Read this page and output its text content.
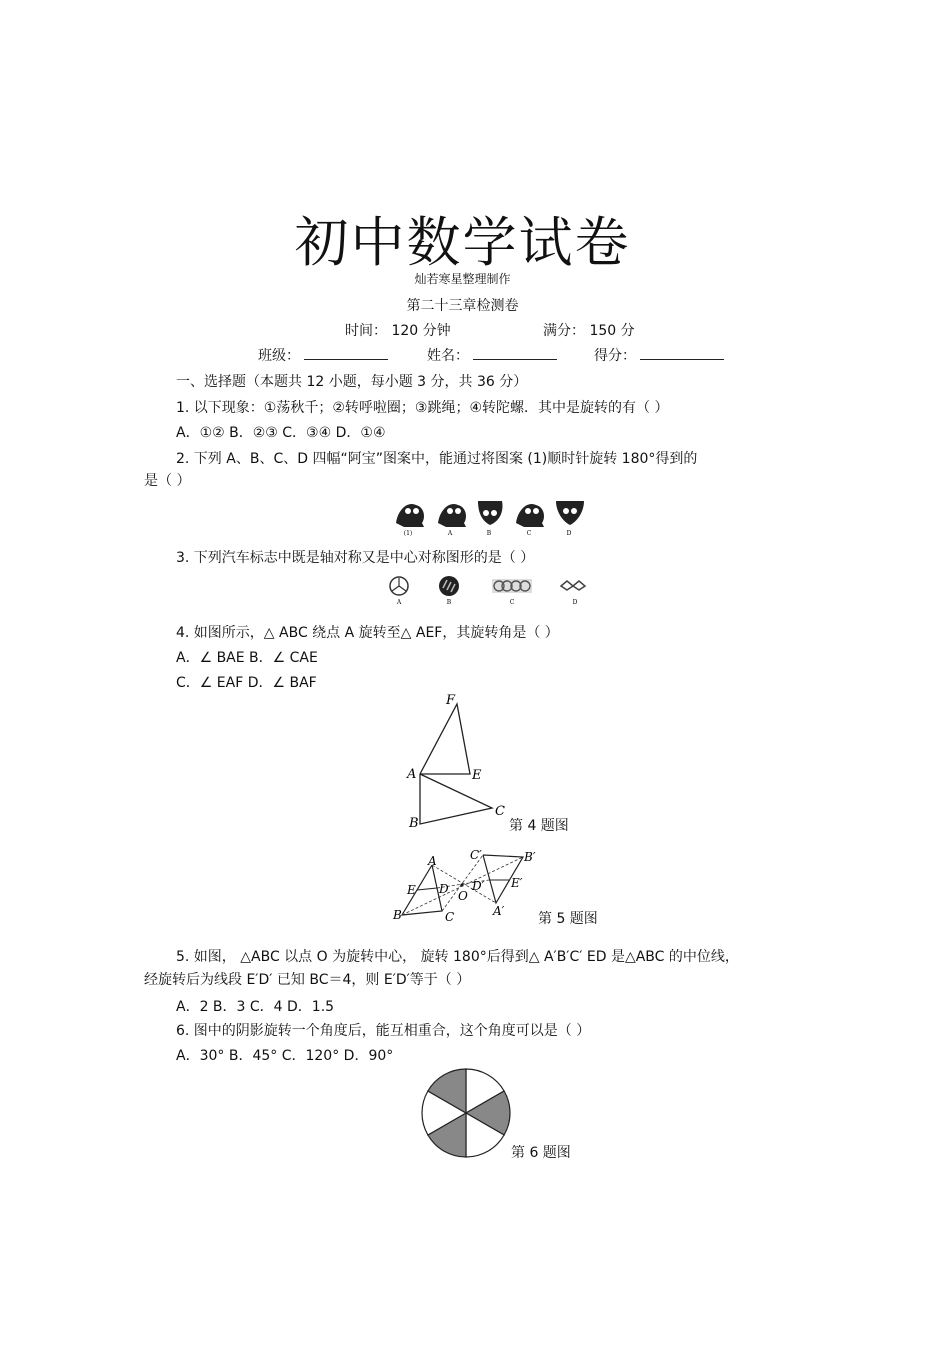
初中数学试卷
灿若寒星整理制作
第二十三章检测卷
时间： 120 分钟	满分： 150 分
班级：	姓名：	得分：
一、选择题（本题共 12 小题，每小题 3 分，共 36 分）
1. 以下现象：①荡秋千；②转呼啦圈；③跳绳；④转陀螺．其中是旋转的有（ ）
A．①② B．②③ C．③④ D．①④
2. 下列 A、B、C、D 四幅“阿宝”图案中，能通过将图案 (1)顺时针旋转 180°得到的
是（ ）
(1)	A	B	C	D
3. 下列汽车标志中既是轴对称又是中心对称图形的是（ ）
A	B	C	D
4. 如图所示，△ ABC 绕点 A 旋转至△ AEF，其旋转角是（ ）
A．∠ BAE B．∠ CAE
C．∠ EAF D．∠ BAF
F
A	E
B
C
第 4 题图
A
E D
B	C
O
C′	B′
D′ E′
A′ 第 5 题图
5. 如图， △ABC 以点 O 为旋转中心， 旋转 180°后得到△ A′B′C′ ED 是△ABC 的中位线，
经旋转后为线段 E′D′ 已知 BC＝4，则 E′D′等于（ ）
A．2 B．3 C．4 D．1.5
6. 图中的阴影旋转一个角度后，能互相重合，这个角度可以是（ ）
A．30° B．45° C．120° D．90°
第 6 题图
